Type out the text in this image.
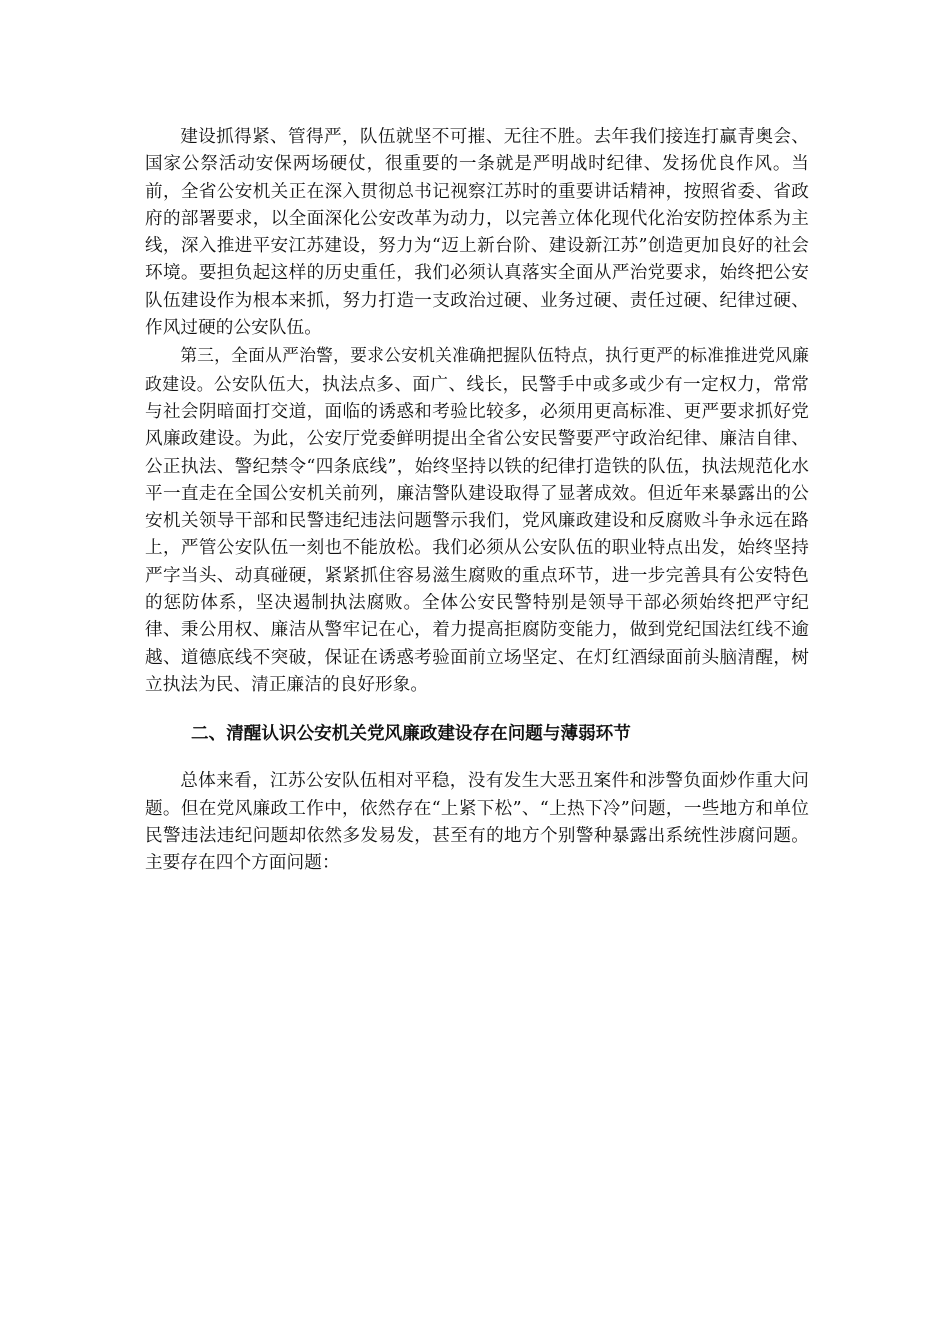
建设抓得紧、管得严，队伍就坚不可摧、无往不胜。去年我们接连打赢青奥会、国家公祭活动安保两场硬仗，很重要的一条就是严明战时纪律、发扬优良作风。当前，全省公安机关正在深入贯彻总书记视察江苏时的重要讲话精神，按照省委、省政府的部署要求，以全面深化公安改革为动力，以完善立体化现代化治安防控体系为主线，深入推进平安江苏建设，努力为“迈上新台阶、建设新江苏”创造更加良好的社会环境。要担负起这样的历史重任，我们必须认真落实全面从严治党要求，始终把公安队伍建设作为根本来抓，努力打造一支政治过硬、业务过硬、责任过硬、纪律过硬、作风过硬的公安队伍。

第三，全面从严治警，要求公安机关准确把握队伍特点，执行更严的标准推进党风廉政建设。公安队伍大，执法点多、面广、线长，民警手中或多或少有一定权力，常常与社会阴暗面打交道，面临的诱惑和考验比较多，必须用更高标准、更严要求抓好党风廉政建设。为此，公安厅党委鲜明提出全省公安民警要严守政治纪律、廉洁自律、公正执法、警纪禁令“四条底线”，始终坚持以铁的纪律打造铁的队伍，执法规范化水平一直走在全国公安机关前列，廉洁警队建设取得了显著成效。但近年来暴露出的公安机关领导干部和民警违纪违法问题警示我们，党风廉政建设和反腐败斗争永远在路上，严管公安队伍一刻也不能放松。我们必须从公安队伍的职业特点出发，始终坚持严字当头、动真碰硬，紧紧抓住容易滋生腐败的重点环节，进一步完善具有公安特色的惩防体系，坚决遏制执法腐败。全体公安民警特别是领导干部必须始终把严守纪律、秉公用权、廉洁从警牢记在心，着力提高拒腐防变能力，做到党纪国法红线不逾越、道德底线不突破，保证在诱惑考验面前立场坚定、在灯红酒绿面前头脑清醒，树立执法为民、清正廉洁的良好形象。

二、清醒认识公安机关党风廉政建设存在问题与薄弱环节

总体来看，江苏公安队伍相对平稳，没有发生大恶丑案件和涉警负面炒作重大问题。但在党风廉政工作中，依然存在“上紧下松”、“上热下冷”问题，一些地方和单位民警违法违纪问题却依然多发易发，甚至有的地方个别警种暴露出系统性涉腐问题。主要存在四个方面问题：
